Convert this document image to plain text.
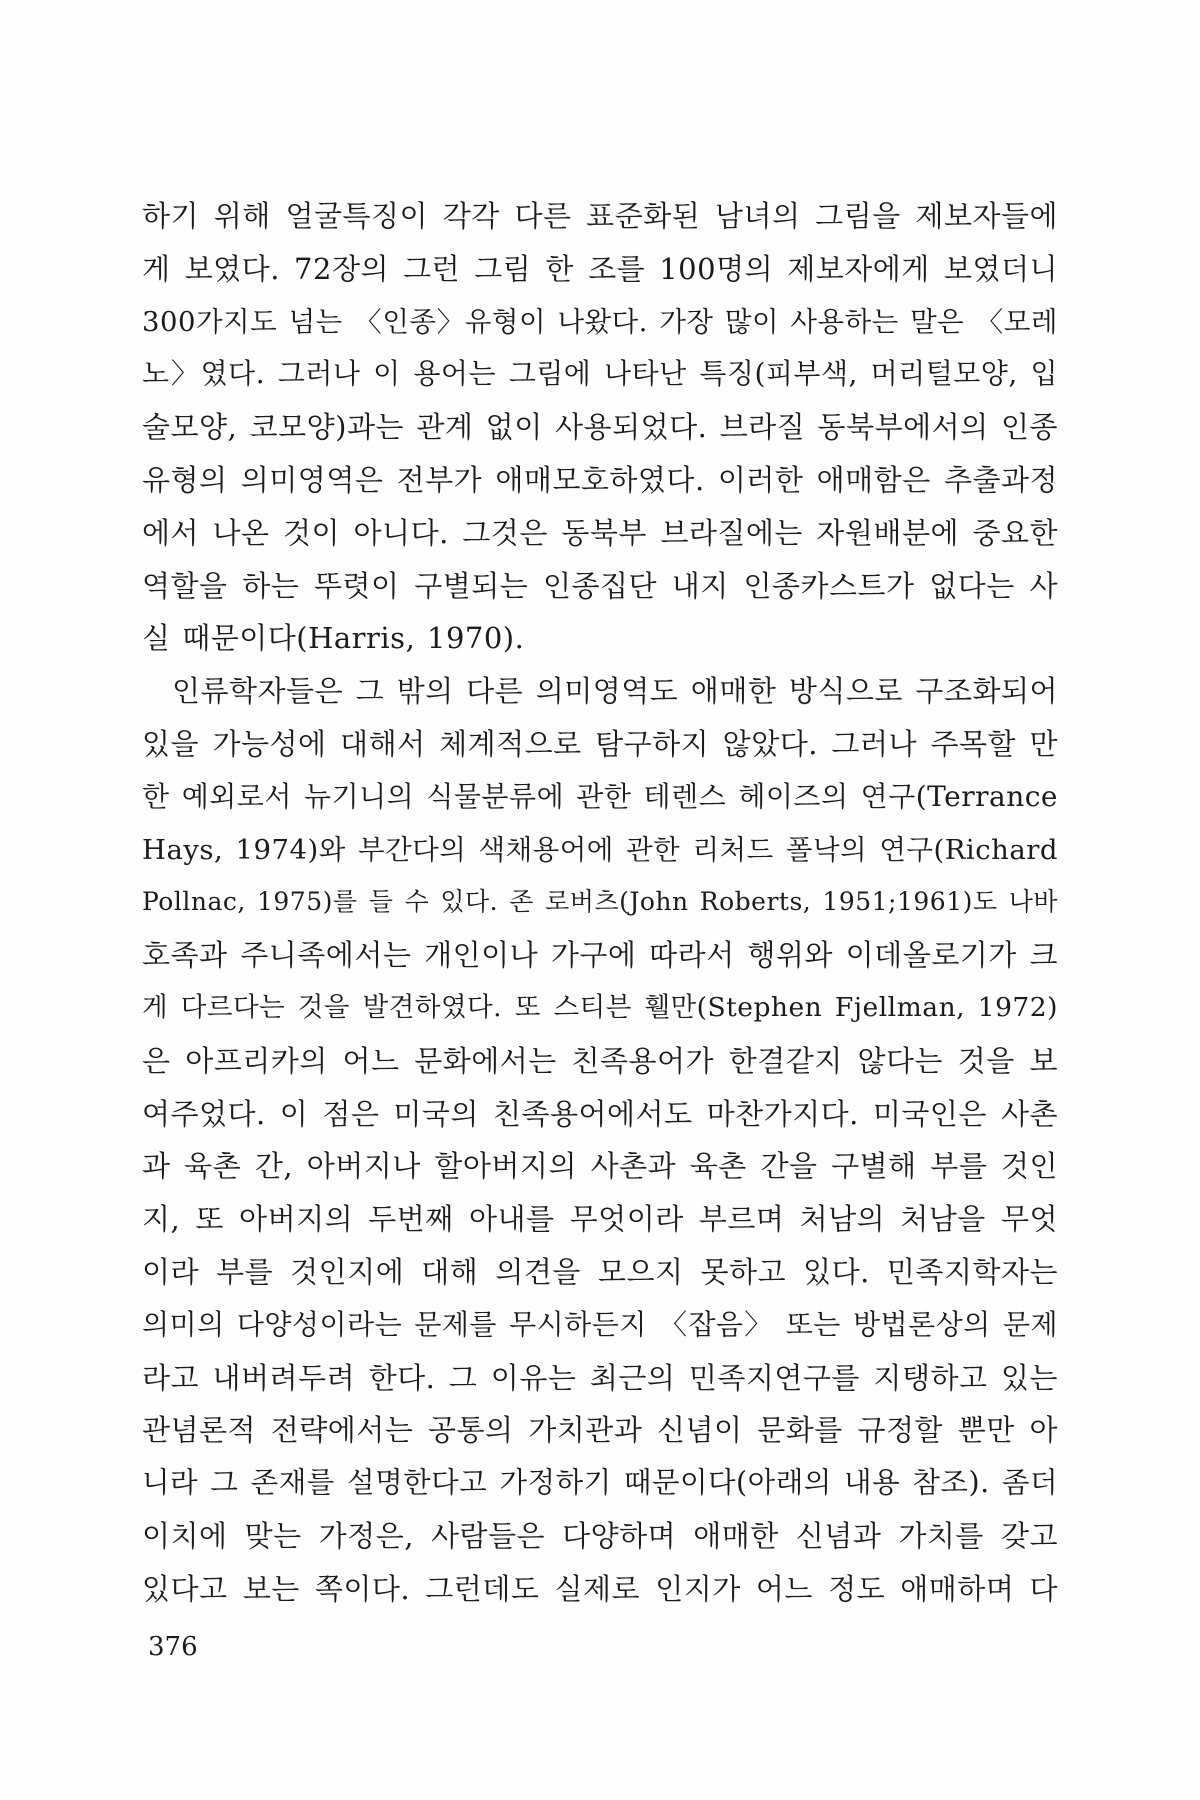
하기 위해 얼굴특징이 각각 다른 표준화된 남녀의 그림을 제보자들에
게 보였다. 72장의 그런 그림 한 조를 100명의 제보자에게 보였더니
300가지도 넘는 〈인종〉유형이 나왔다. 가장 많이 사용하는 말은 〈모레
노〉였다. 그러나 이 용어는 그림에 나타난 특징(피부색, 머리털모양, 입
술모양, 코모양)과는 관계 없이 사용되었다. 브라질 동북부에서의 인종
유형의 의미영역은 전부가 애매모호하였다. 이러한 애매함은 추출과정
에서 나온 것이 아니다. 그것은 동북부 브라질에는 자원배분에 중요한
역할을 하는 뚜렷이 구별되는 인종집단 내지 인종카스트가 없다는 사
실 때문이다(Harris, 1970).
인류학자들은 그 밖의 다른 의미영역도 애매한 방식으로 구조화되어
있을 가능성에 대해서 체계적으로 탐구하지 않았다. 그러나 주목할 만
한 예외로서 뉴기니의 식물분류에 관한 테렌스 헤이즈의 연구(Terrance
Hays, 1974)와 부간다의 색채용어에 관한 리처드 폴낙의 연구(Richard
Pollnac, 1975)를 들 수 있다. 존 로버츠(John Roberts, 1951;1961)도 나바
호족과 주니족에서는 개인이나 가구에 따라서 행위와 이데올로기가 크
게 다르다는 것을 발견하였다. 또 스티븐 휄만(Stephen Fjellman, 1972)
은 아프리카의 어느 문화에서는 친족용어가 한결같지 않다는 것을 보
여주었다. 이 점은 미국의 친족용어에서도 마찬가지다. 미국인은 사촌
과 육촌 간, 아버지나 할아버지의 사촌과 육촌 간을 구별해 부를 것인
지, 또 아버지의 두번째 아내를 무엇이라 부르며 처남의 처남을 무엇
이라 부를 것인지에 대해 의견을 모으지 못하고 있다. 민족지학자는
의미의 다양성이라는 문제를 무시하든지 〈잡음〉 또는 방법론상의 문제
라고 내버려두려 한다. 그 이유는 최근의 민족지연구를 지탱하고 있는
관념론적 전략에서는 공통의 가치관과 신념이 문화를 규정할 뿐만 아
니라 그 존재를 설명한다고 가정하기 때문이다(아래의 내용 참조). 좀더
이치에 맞는 가정은, 사람들은 다양하며 애매한 신념과 가치를 갖고
있다고 보는 쪽이다. 그런데도 실제로 인지가 어느 정도 애매하며 다
376
